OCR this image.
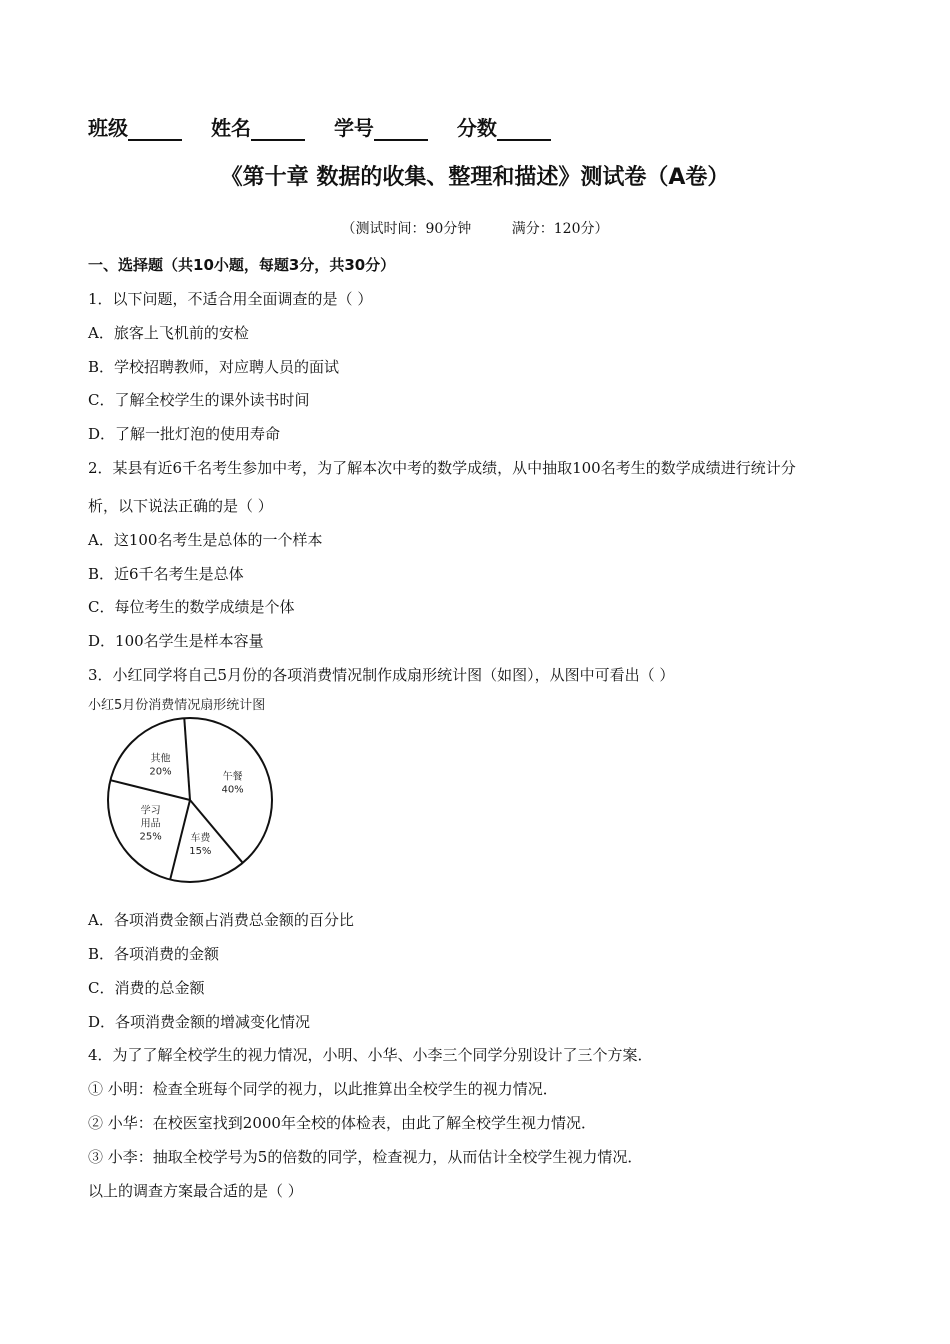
班级	姓名	学号	分数
《第十章 数据的收集、整理和描述》测试卷（A卷）
（测试时间：90分钟	满分：120分）
一、选择题（共10小题，每题3分，共30分）
1．以下问题，不适合用全面调查的是（ ）
A．旅客上飞机前的安检
B．学校招聘教师，对应聘人员的面试
C．了解全校学生的课外读书时间
D．了解一批灯泡的使用寿命
2．某县有近6千名考生参加中考，为了解本次中考的数学成绩，从中抽取100名考生的数学成绩进行统计分
析，以下说法正确的是（ ）
A．这100名考生是总体的一个样本
B．近6千名考生是总体
C．每位考生的数学成绩是个体
D．100名学生是样本容量
3．小红同学将自己5月份的各项消费情况制作成扇形统计图（如图），从图中可看出（ ）
小红5月份消费情况扇形统计图
午餐 40%
车费 15%
学习用品 25%
其他 20%
A．各项消费金额占消费总金额的百分比
B．各项消费的金额
C．消费的总金额
D．各项消费金额的增减变化情况
4．为了了解全校学生的视力情况，小明、小华、小李三个同学分别设计了三个方案．
① 小明：检查全班每个同学的视力，以此推算出全校学生的视力情况．
② 小华：在校医室找到2000年全校的体检表，由此了解全校学生视力情况．
③ 小李：抽取全校学号为5的倍数的同学，检查视力，从而估计全校学生视力情况．
以上的调查方案最合适的是（ ）
